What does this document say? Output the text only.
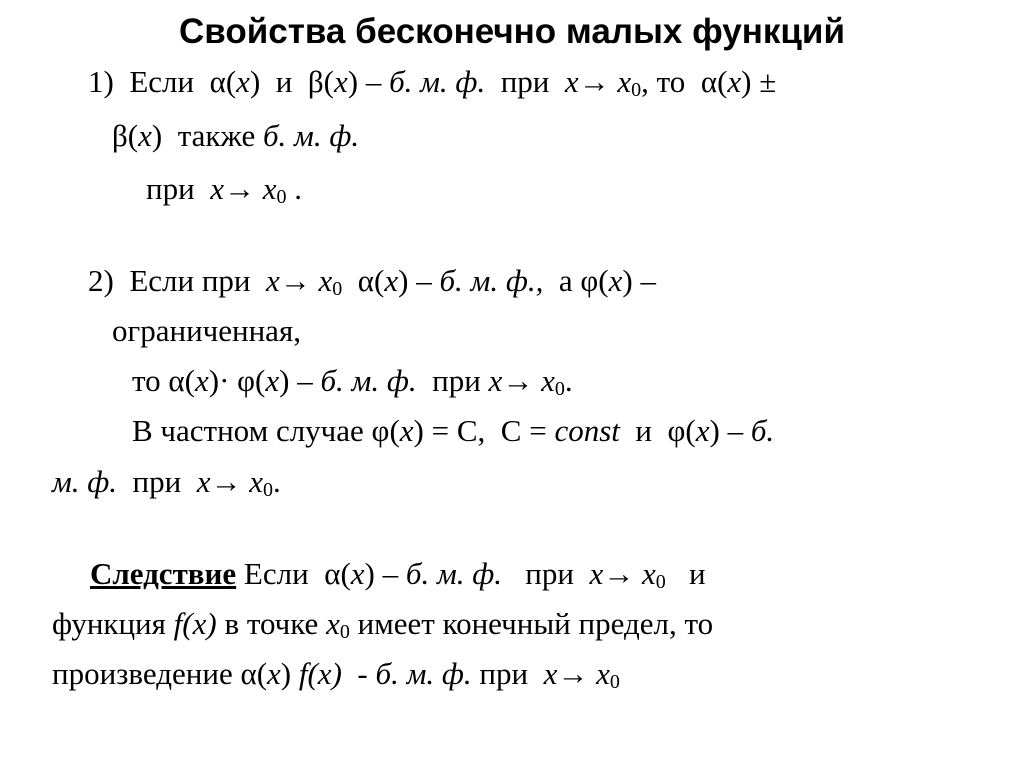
Свойства бесконечно малых функций
1) Если α(x)  и β(x) – б. м. ф. при $x\to x_0$, то α(x) ±
β(x)  также б. м. ф.
при $x\to x_0$ .
2) Если при $x\to x_0$ α(x) – б. м. ф., а φ(x) –
ограниченная,
то α(x)· φ(x) – б. м. ф. при $x\to x_0$.
В частном случае φ(x) = С, С = const и φ(x) – б.
м. ф. при $x\to x_0$.
Следствие Если α(x) – б. м. ф. при $x\to x_0$ и
функция f(x) в точке $x_0$ имеет конечный предел, то
произведение α(x) f(x) - б. м. ф. при $x\to x_0$
